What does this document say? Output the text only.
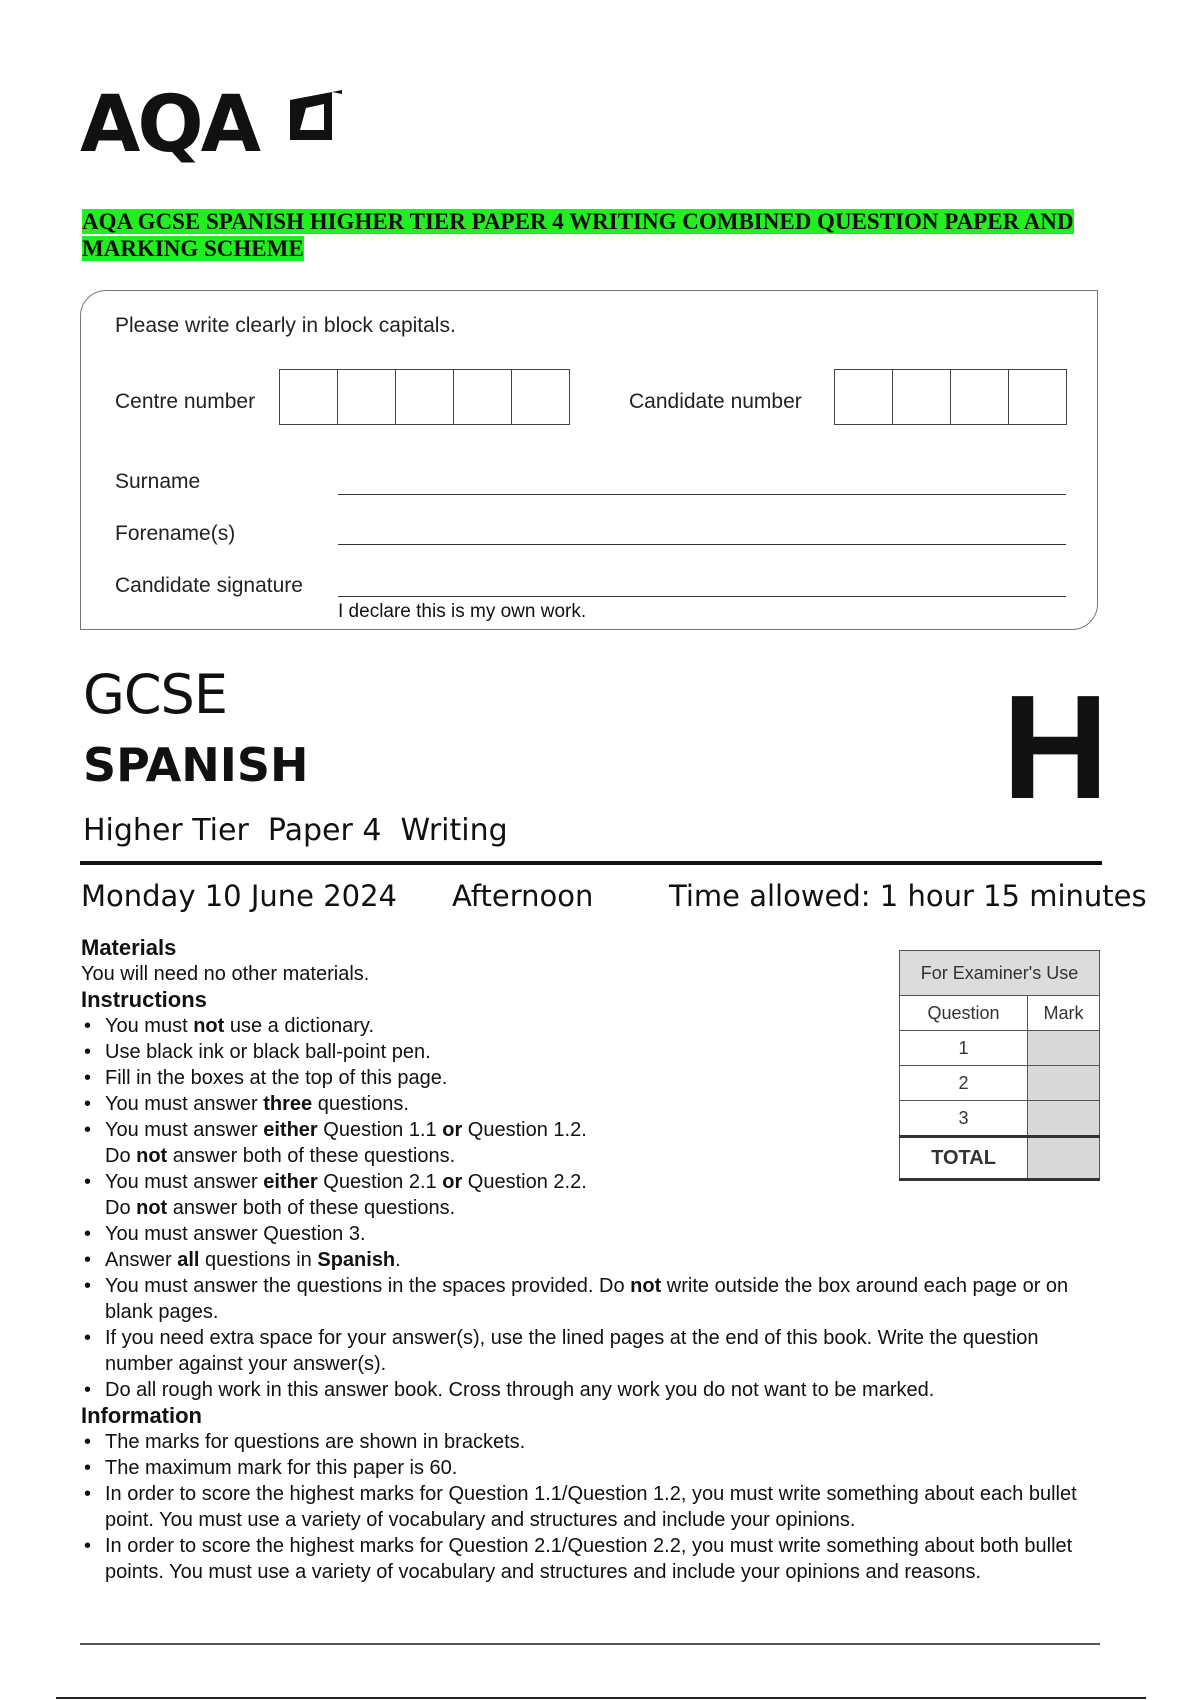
AQA
AQA GCSE SPANISH HIGHER TIER PAPER 4 WRITING COMBINED QUESTION PAPER AND MARKING SCHEME
Please write clearly in block capitals.
Centre number	Candidate number
Surname
Forename(s)
Candidate signature
I declare this is my own work.
GCSE
SPANISH	H
Higher Tier  Paper 4  Writing
Monday 10 June 2024 Afternoon	Time allowed: 1 hour 15 minutes
Materials
You will need no other materials.
Instructions
• You must not use a dictionary.
• Use black ink or black ball-point pen.
• Fill in the boxes at the top of this page.
• You must answer three questions.
• You must answer either Question 1.1 or Question 1.2.
Do not answer both of these questions.
• You must answer either Question 2.1 or Question 2.2.
Do not answer both of these questions.
• You must answer Question 3.
• Answer all questions in Spanish.
• You must answer the questions in the spaces provided. Do not write outside the box around each page or on blank pages.
• If you need extra space for your answer(s), use the lined pages at the end of this book. Write the question number against your answer(s).
• Do all rough work in this answer book. Cross through any work you do not want to be marked.
Information
• The marks for questions are shown in brackets.
• The maximum mark for this paper is 60.
• In order to score the highest marks for Question 1.1/Question 1.2, you must write something about each bullet point. You must use a variety of vocabulary and structures and include your opinions.
• In order to score the highest marks for Question 2.1/Question 2.2, you must write something about both bullet points. You must use a variety of vocabulary and structures and include your opinions and reasons.
For Examiner's Use	
Question	Mark
1	
2	
3	
TOTAL	
